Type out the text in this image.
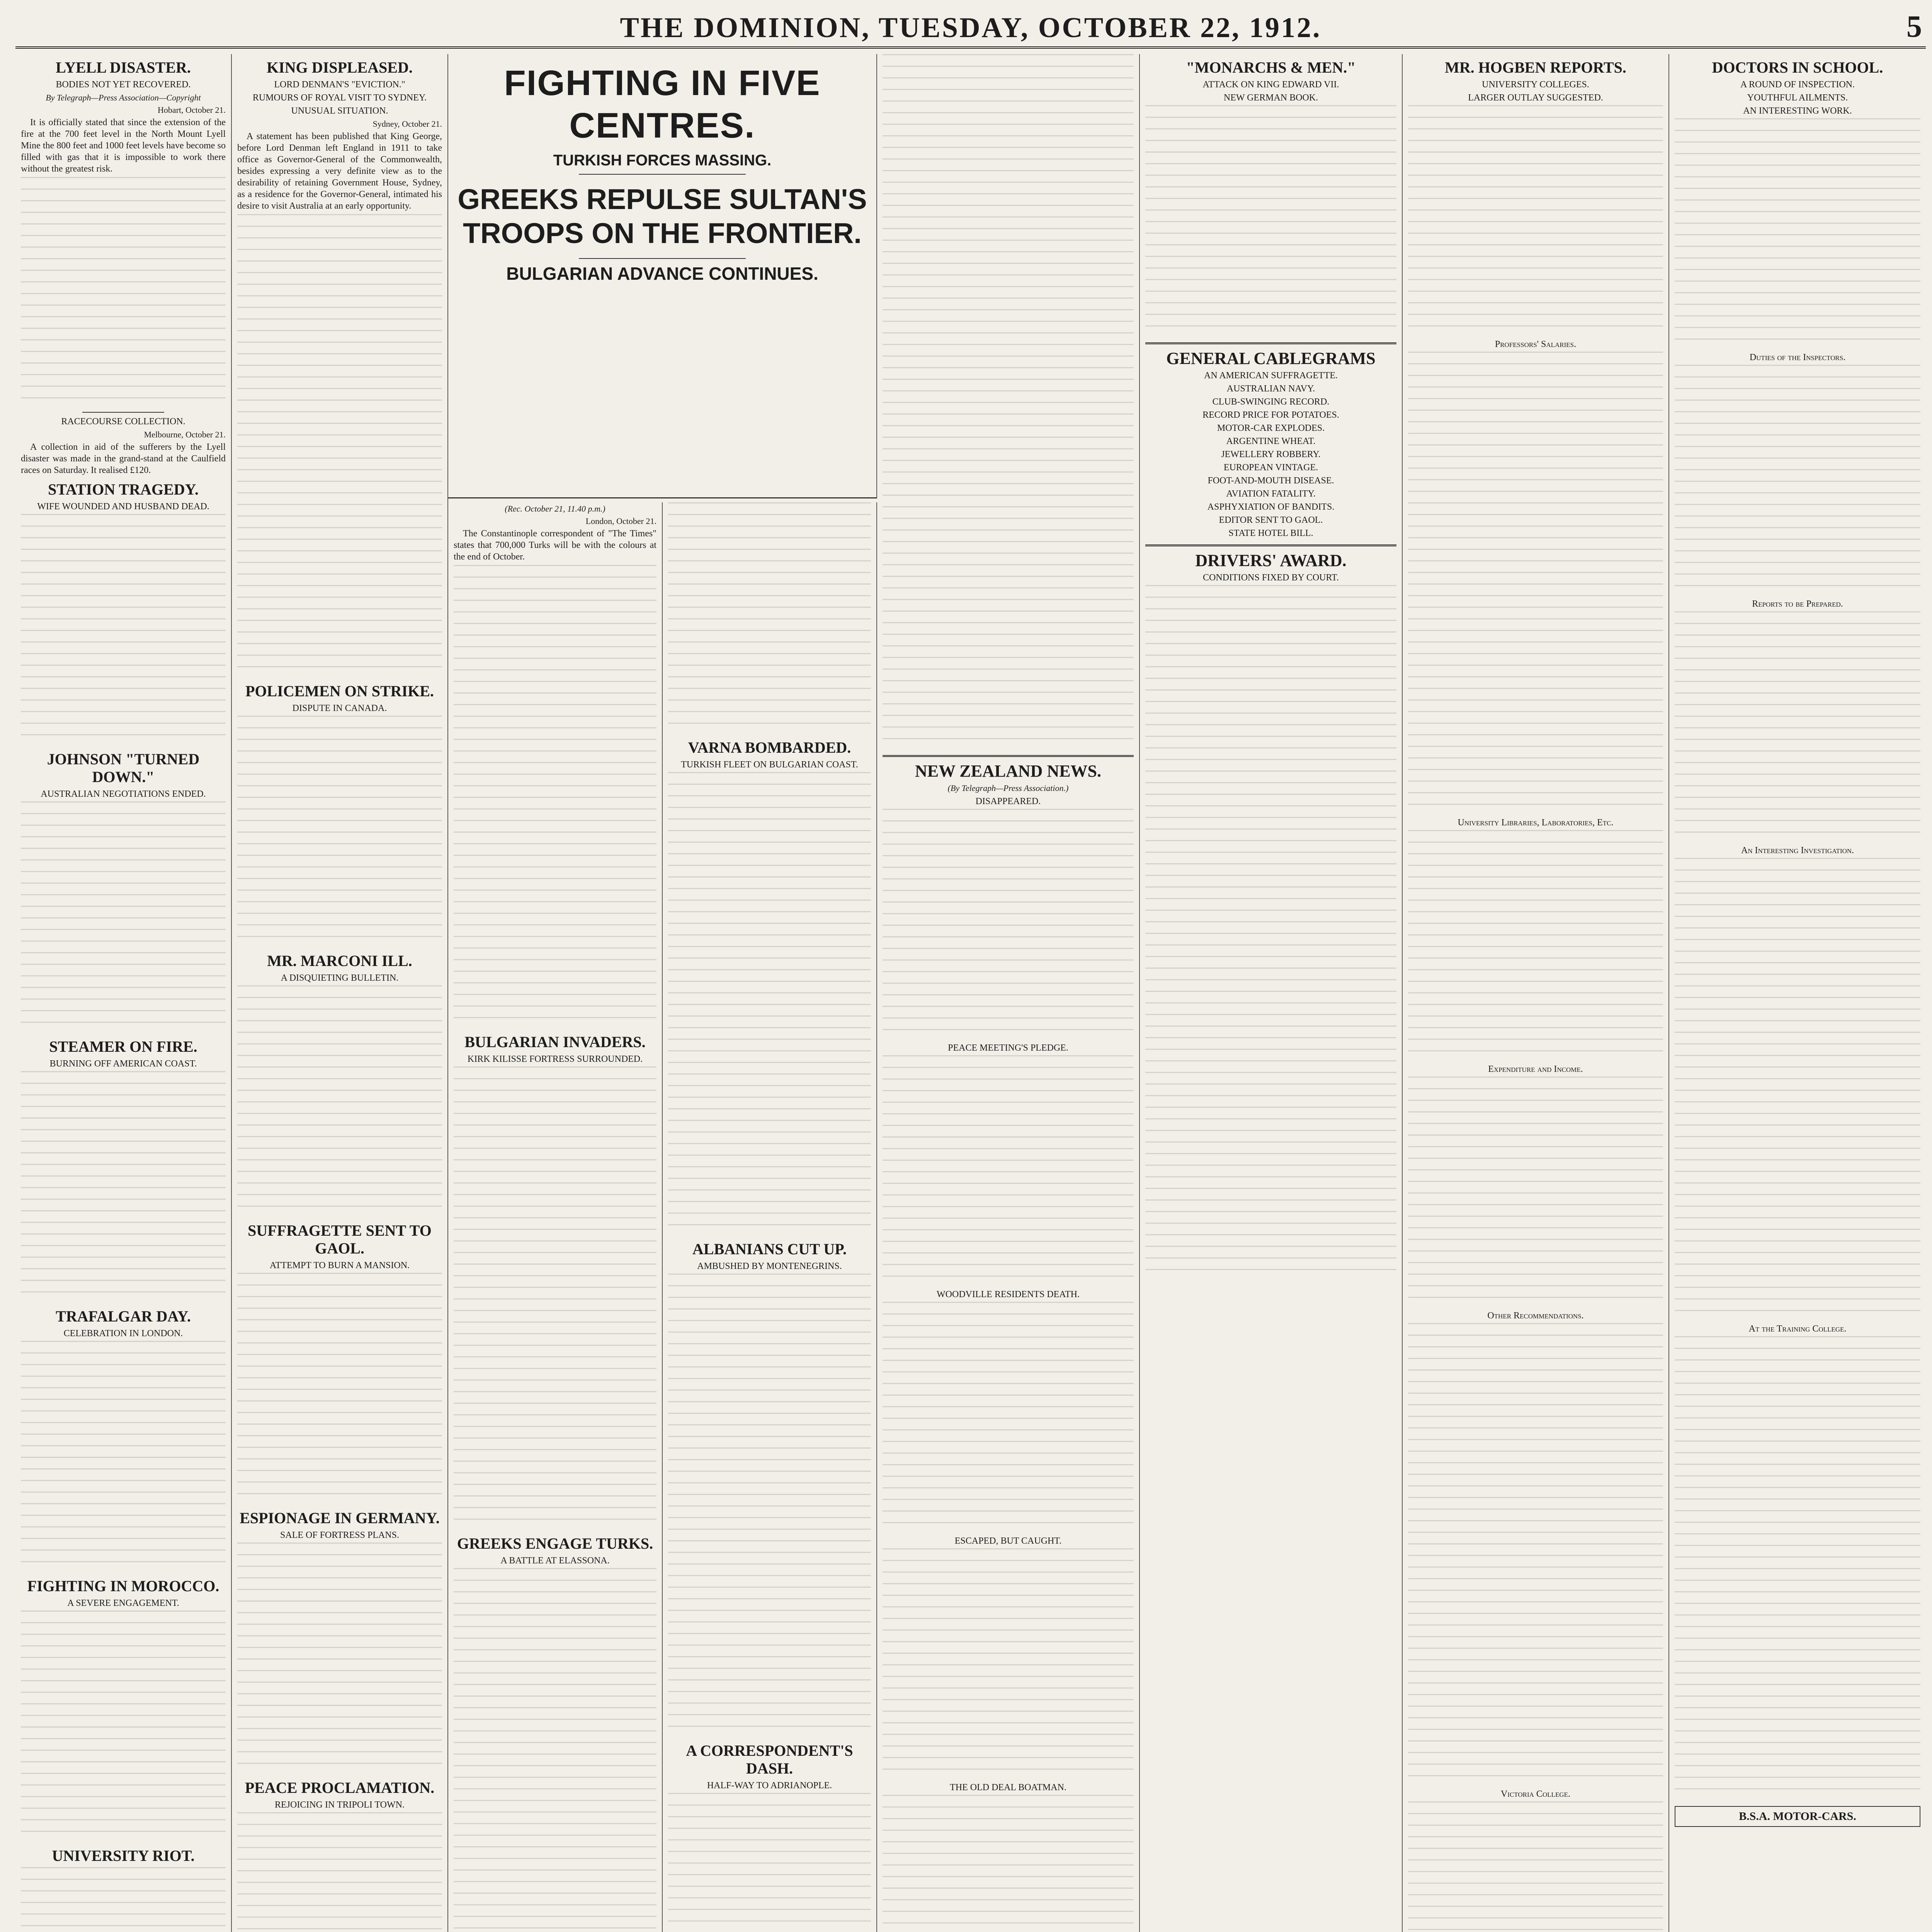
THE DOMINION, TUESDAY, OCTOBER 22, 1912.	5
LYELL DISASTER.
BODIES NOT YET RECOVERED.
By Telegraph—Press Association—Copyright
Hobart, October 21.

It is officially stated that since the extension of the fire at the 700 feet level in the North Mount Lyell Mine the 800 feet and 1000 feet levels have become so filled with gas that it is impossible to work there without the greatest risk.

RACECOURSE COLLECTION.
Melbourne, October 21.

A collection in aid of the sufferers by the Lyell disaster was made in the grand-stand at the Caulfield races on Saturday. It realised £120.

STATION TRAGEDY.
WIFE WOUNDED AND HUSBAND DEAD.
JOHNSON "TURNED DOWN."
AUSTRALIAN NEGOTIATIONS ENDED.
STEAMER ON FIRE.
BURNING OFF AMERICAN COAST.
TRAFALGAR DAY.
CELEBRATION IN LONDON.
FIGHTING IN MOROCCO.
A SEVERE ENGAGEMENT.
UNIVERSITY RIOT.
KING DISPLEASED.
LORD DENMAN'S "EVICTION."
RUMOURS OF ROYAL VISIT TO SYDNEY.
UNUSUAL SITUATION.
Sydney, October 21.

A statement has been published that King George, before Lord Denman left England in 1911 to take office as Governor-General of the Commonwealth, besides expressing a very definite view as to the desirability of retaining Government House, Sydney, as a residence for the Governor-General, intimated his desire to visit Australia at an early opportunity.

POLICEMEN ON STRIKE.
DISPUTE IN CANADA.
MR. MARCONI ILL.
A DISQUIETING BULLETIN.
SUFFRAGETTE SENT TO GAOL.
ATTEMPT TO BURN A MANSION.
ESPIONAGE IN GERMANY.
SALE OF FORTRESS PLANS.
PEACE PROCLAMATION.
REJOICING IN TRIPOLI TOWN.
FIGHTING IN FIVE CENTRES.
TURKISH FORCES MASSING.
GREEKS REPULSE SULTAN'S TROOPS ON THE FRONTIER.
BULGARIAN ADVANCE CONTINUES.
(Rec. October 21, 11.40 p.m.)
London, October 21.

The Constantinople correspondent of "The Times" states that 700,000 Turks will be with the colours at the end of October.

BULGARIAN INVADERS.
KIRK KILISSE FORTRESS SURROUNDED.
GREEKS ENGAGE TURKS.
A BATTLE AT ELASSONA.
VARNA BOMBARDED.
TURKISH FLEET ON BULGARIAN COAST.
ALBANIANS CUT UP.
AMBUSHED BY MONTENEGRINS.
A CORRESPONDENT'S DASH.
HALF-WAY TO ADRIANOPLE.
NEW ZEALAND NEWS.
(By Telegraph—Press Association.)
DISAPPEARED.
PEACE MEETING'S PLEDGE.
WOODVILLE RESIDENTS DEATH.
ESCAPED, BUT CAUGHT.
THE OLD DEAL BOATMAN.
"MONARCHS & MEN."
ATTACK ON KING EDWARD VII.
NEW GERMAN BOOK.
GENERAL CABLEGRAMS
AN AMERICAN SUFFRAGETTE.
AUSTRALIAN NAVY.
CLUB-SWINGING RECORD.
RECORD PRICE FOR POTATOES.
MOTOR-CAR EXPLODES.
ARGENTINE WHEAT.
JEWELLERY ROBBERY.
EUROPEAN VINTAGE.
FOOT-AND-MOUTH DISEASE.
AVIATION FATALITY.
ASPHYXIATION OF BANDITS.
EDITOR SENT TO GAOL.
STATE HOTEL BILL.
DRIVERS' AWARD.
CONDITIONS FIXED BY COURT.
MR. HOGBEN REPORTS.
UNIVERSITY COLLEGES.
LARGER OUTLAY SUGGESTED.
Professors' Salaries.
University Libraries, Laboratories, Etc.
Expenditure and Income.
Other Recommendations.
Victoria College.
DOCTORS IN SCHOOL.
A ROUND OF INSPECTION.
YOUTHFUL AILMENTS.
AN INTERESTING WORK.
Duties of the Inspectors.
Reports to be Prepared.
An Interesting Investigation.
At the Training College.
B.S.A. MOTOR-CARS.
